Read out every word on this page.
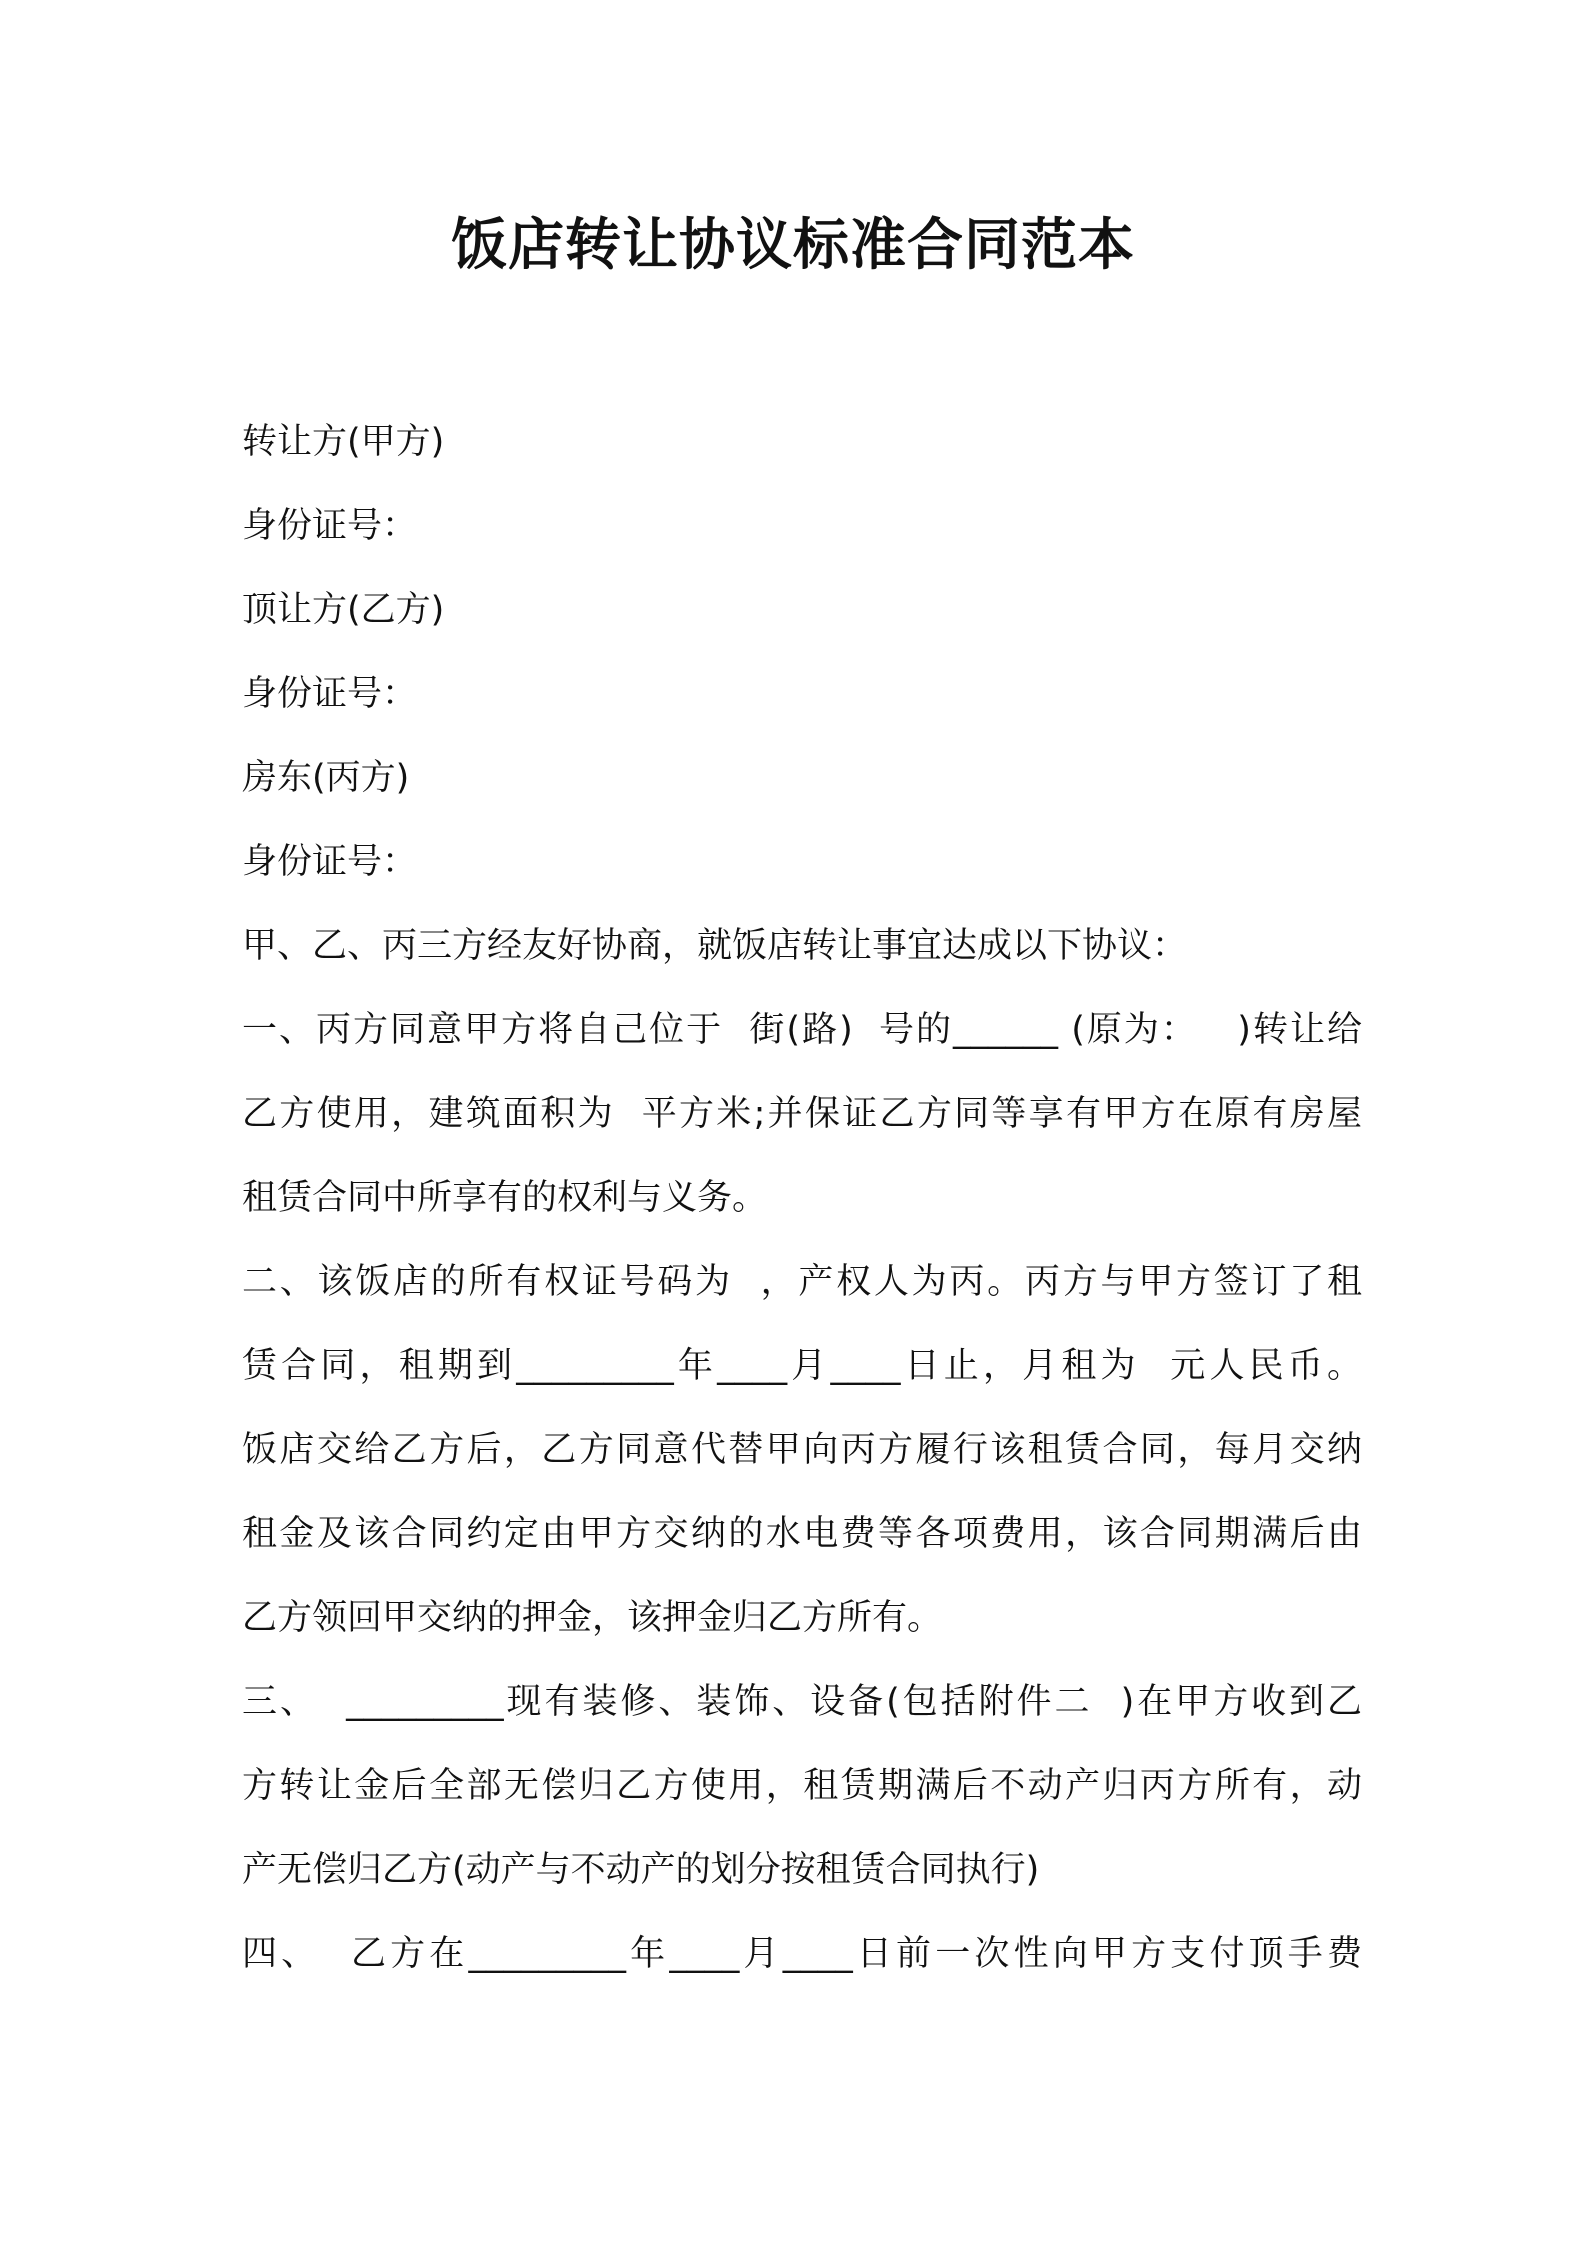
饭店转让协议标准合同范本
转让方(甲方)
身份证号：
顶让方(乙方)
身份证号：
房东(丙方)
身份证号：
甲、乙、丙三方经友好协商，就饭店转让事宜达成以下协议：
一、丙方同意甲方将自己位于  街(路)  号的______ (原为：   )转让给
乙方使用，建筑面积为  平方米;并保证乙方同等享有甲方在原有房屋
租赁合同中所享有的权利与义务。
二、该饭店的所有权证号码为  ，产权人为丙。丙方与甲方签订了租
赁合同，租期到_________年____月____日止，月租为  元人民币。
饭店交给乙方后，乙方同意代替甲向丙方履行该租赁合同，每月交纳
租金及该合同约定由甲方交纳的水电费等各项费用，该合同期满后由
乙方领回甲交纳的押金，该押金归乙方所有。
三、  _________现有装修、装饰、设备(包括附件二  )在甲方收到乙
方转让金后全部无偿归乙方使用，租赁期满后不动产归丙方所有，动
产无偿归乙方(动产与不动产的划分按租赁合同执行)
四、  乙方在_________年____月____日前一次性向甲方支付顶手费
